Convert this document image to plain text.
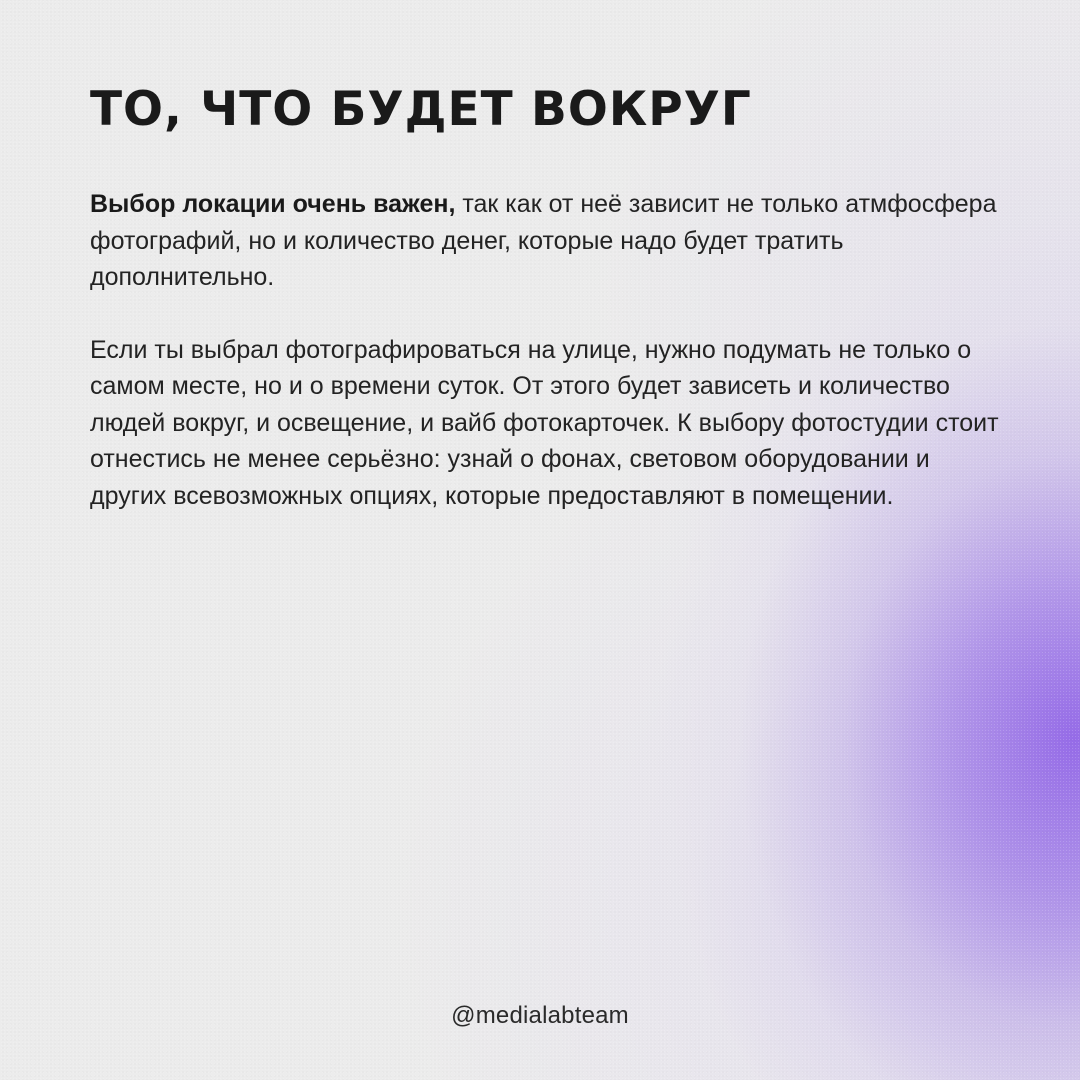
ТО, ЧТО БУДЕТ ВОКРУГ

Выбор локации очень важен, так как от неё зависит не только атмфосфера фотографий, но и количество денег, которые надо будет тратить дополнительно.

Если ты выбрал фотографироваться на улице, нужно подумать не только о самом месте, но и о времени суток. От этого будет зависеть и количество людей вокруг, и освещение, и вайб фотокарточек. К выбору фотостудии стоит отнестись не менее серьёзно: узнай о фонах, световом оборудовании и других всевозможных опциях, которые предоставляют в помещении.

@medialabteam
